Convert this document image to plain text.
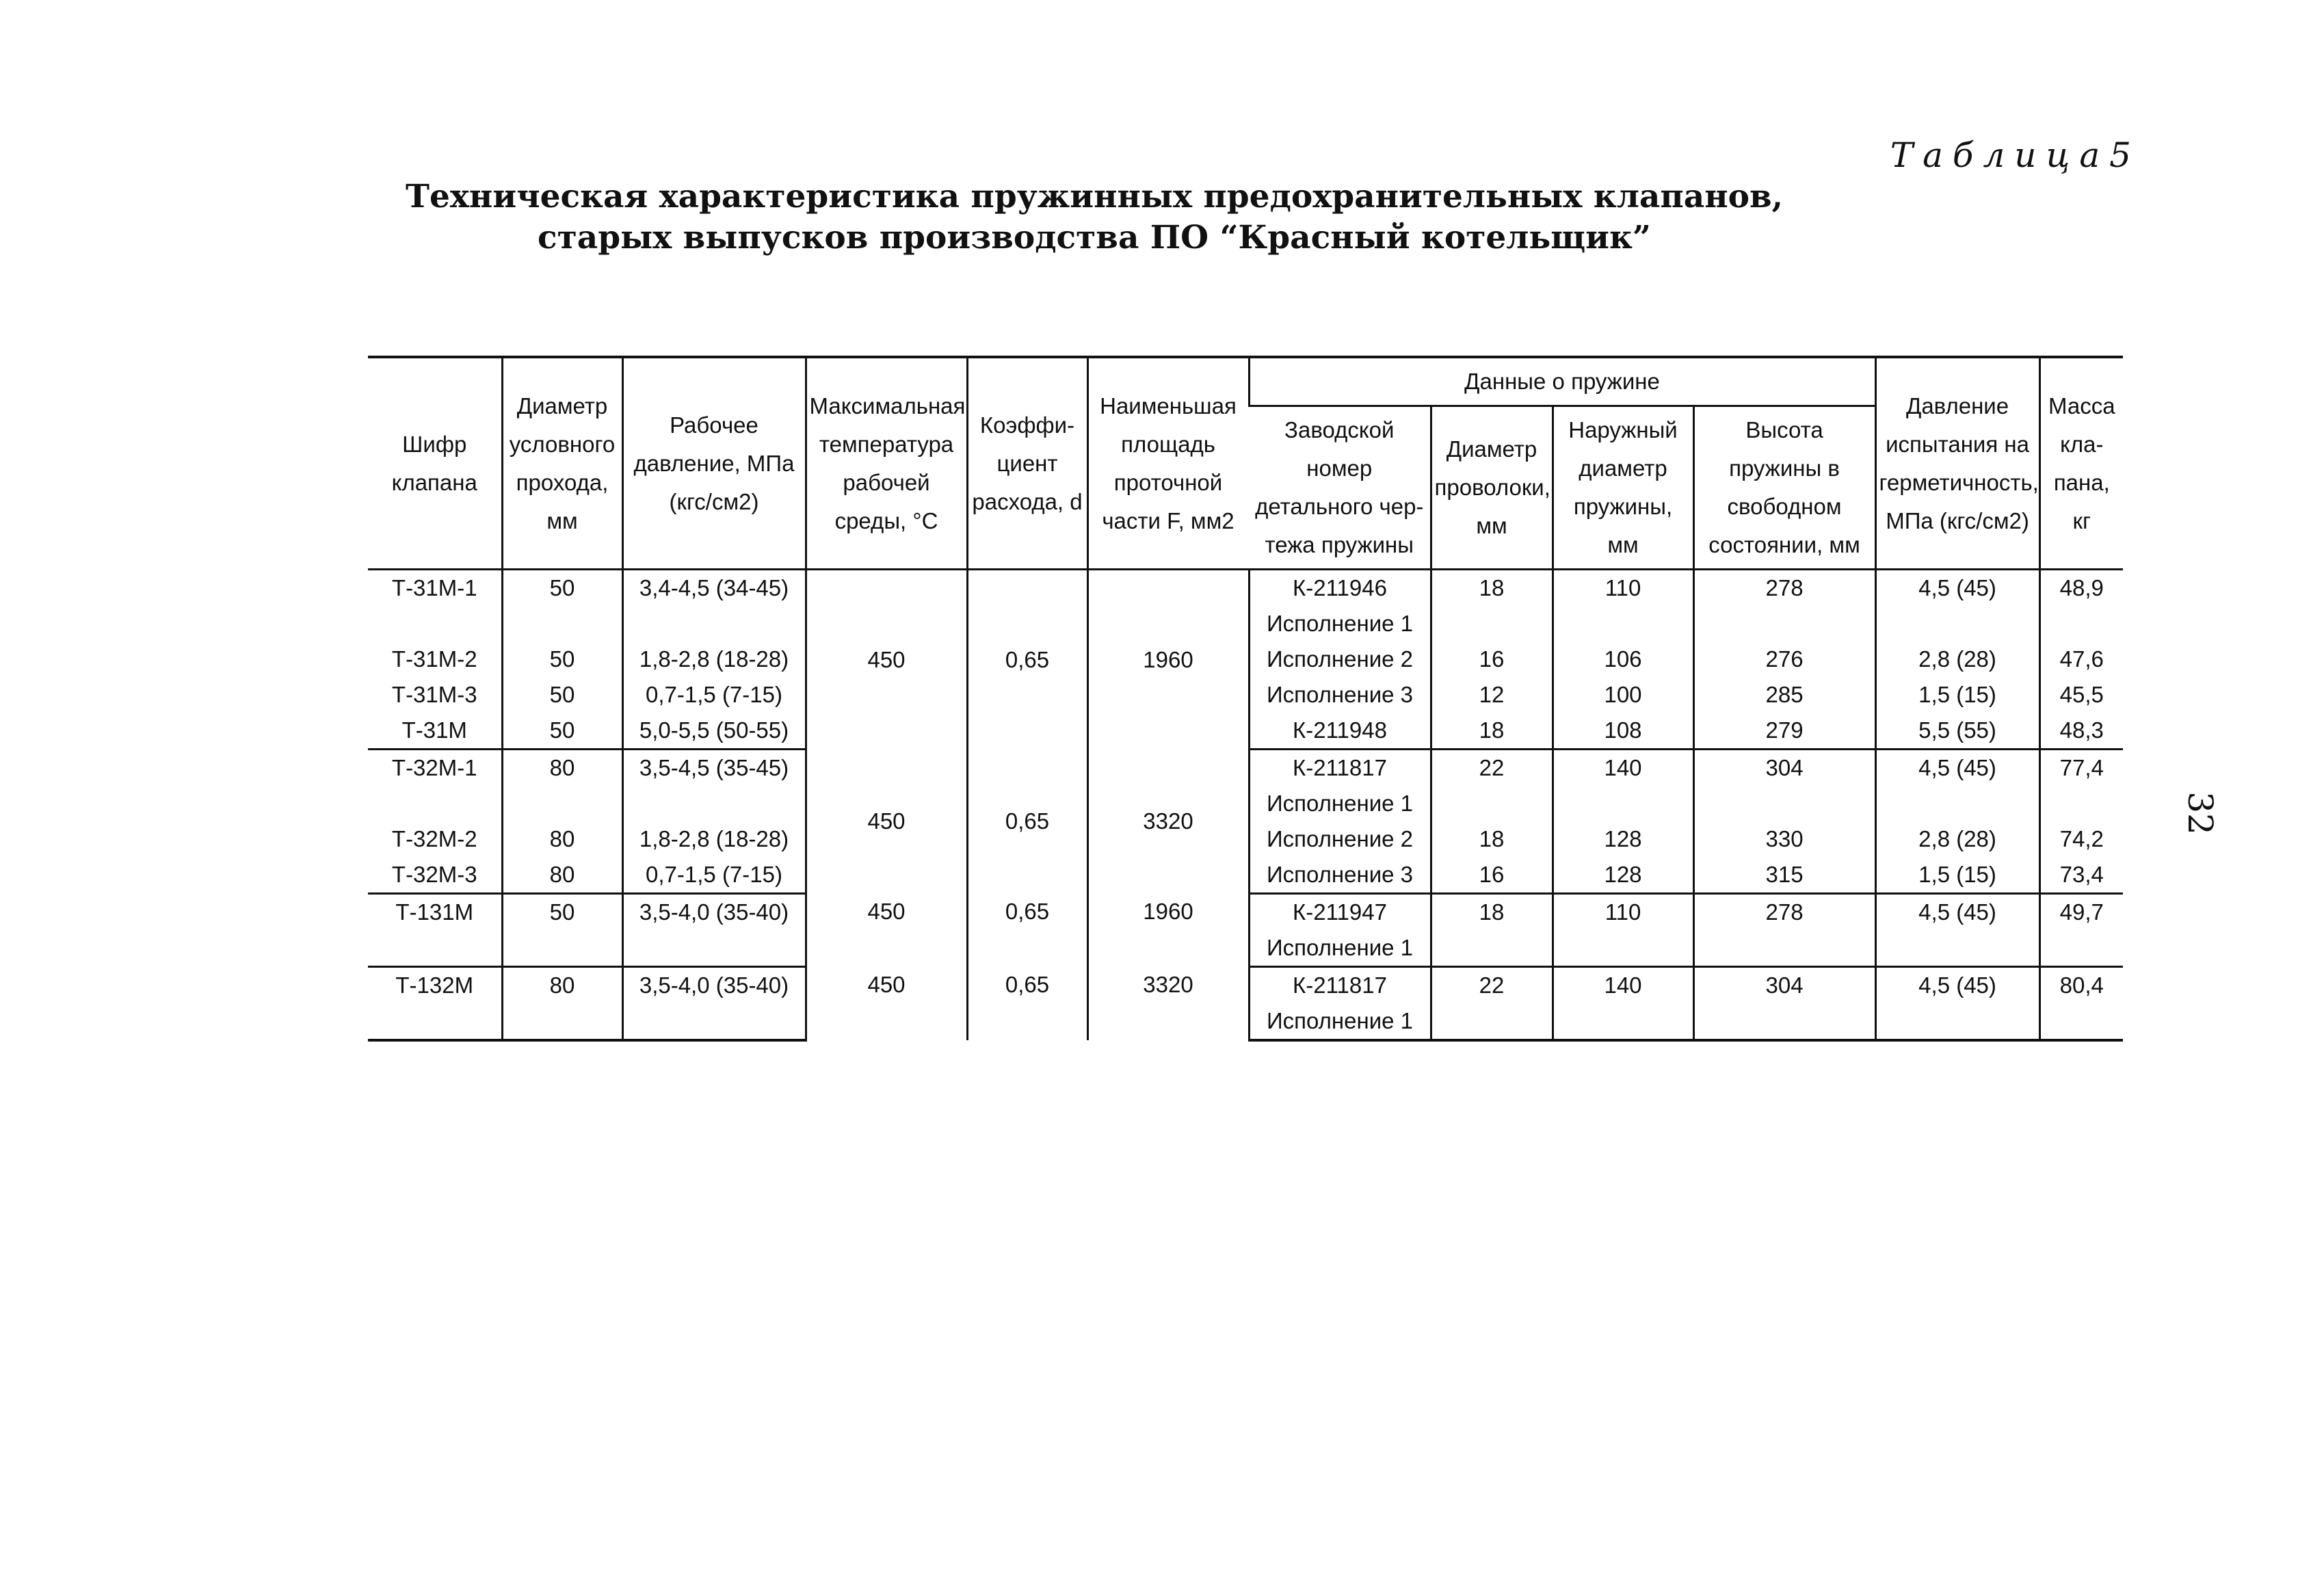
Таблица5
Техническая характеристика пружинных предохранительных клапанов,
старых выпусков производства ПО “Красный котельщик”
32
Шифр клапана	Диаметр условного прохода, мм	Рабочее давление, МПа (кгс/см2)	Максимальная температура рабочей среды, °С	Коэффи-циент расхода, d	Наименьшая площадь проточной части F, мм2	Данные о пружине				Давление испытания на герметичность, МПа (кгс/см2)	Масса кла-пана, кг
						Заводской номер детального чер-тежа пружины	Диаметр проволоки, мм	Наружный диаметр пружины, мм	Высота пружины в свободном состоянии, мм		
Т-31М-1	50	3,4-4,5 (34-45)	450	0,65	1960	К-211946	18	110	278	4,5 (45)	48,9
						Исполнение 1					
Т-31М-2	50	1,8-2,8 (18-28)				Исполнение 2	16	106	276	2,8 (28)	47,6
Т-31М-3	50	0,7-1,5 (7-15)				Исполнение 3	12	100	285	1,5 (15)	45,5
Т-31М	50	5,0-5,5 (50-55)				К-211948	18	108	279	5,5 (55)	48,3
Т-32М-1	80	3,5-4,5 (35-45)	450	0,65	3320	К-211817	22	140	304	4,5 (45)	77,4
						Исполнение 1					
Т-32М-2	80	1,8-2,8 (18-28)				Исполнение 2	18	128	330	2,8 (28)	74,2
Т-32М-3	80	0,7-1,5 (7-15)				Исполнение 3	16	128	315	1,5 (15)	73,4
Т-131М	50	3,5-4,0 (35-40)	450	0,65	1960	К-211947	18	110	278	4,5 (45)	49,7
						Исполнение 1					
Т-132М	80	3,5-4,0 (35-40)	450	0,65	3320	К-211817	22	140	304	4,5 (45)	80,4
						Исполнение 1					
